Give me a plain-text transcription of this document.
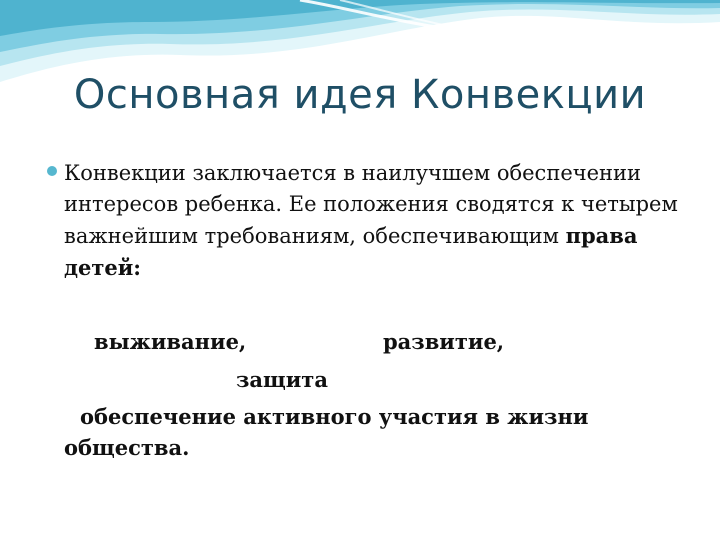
Основная идея Конвекции
Конвекции заключается в наилучшем обеспечении интересов ребенка. Ее положения сводятся к четырем важнейшим требованиям, обеспечивающим права детей:
выживание,	развитие,
защита
обеспечение активного участия в жизни
общества.
